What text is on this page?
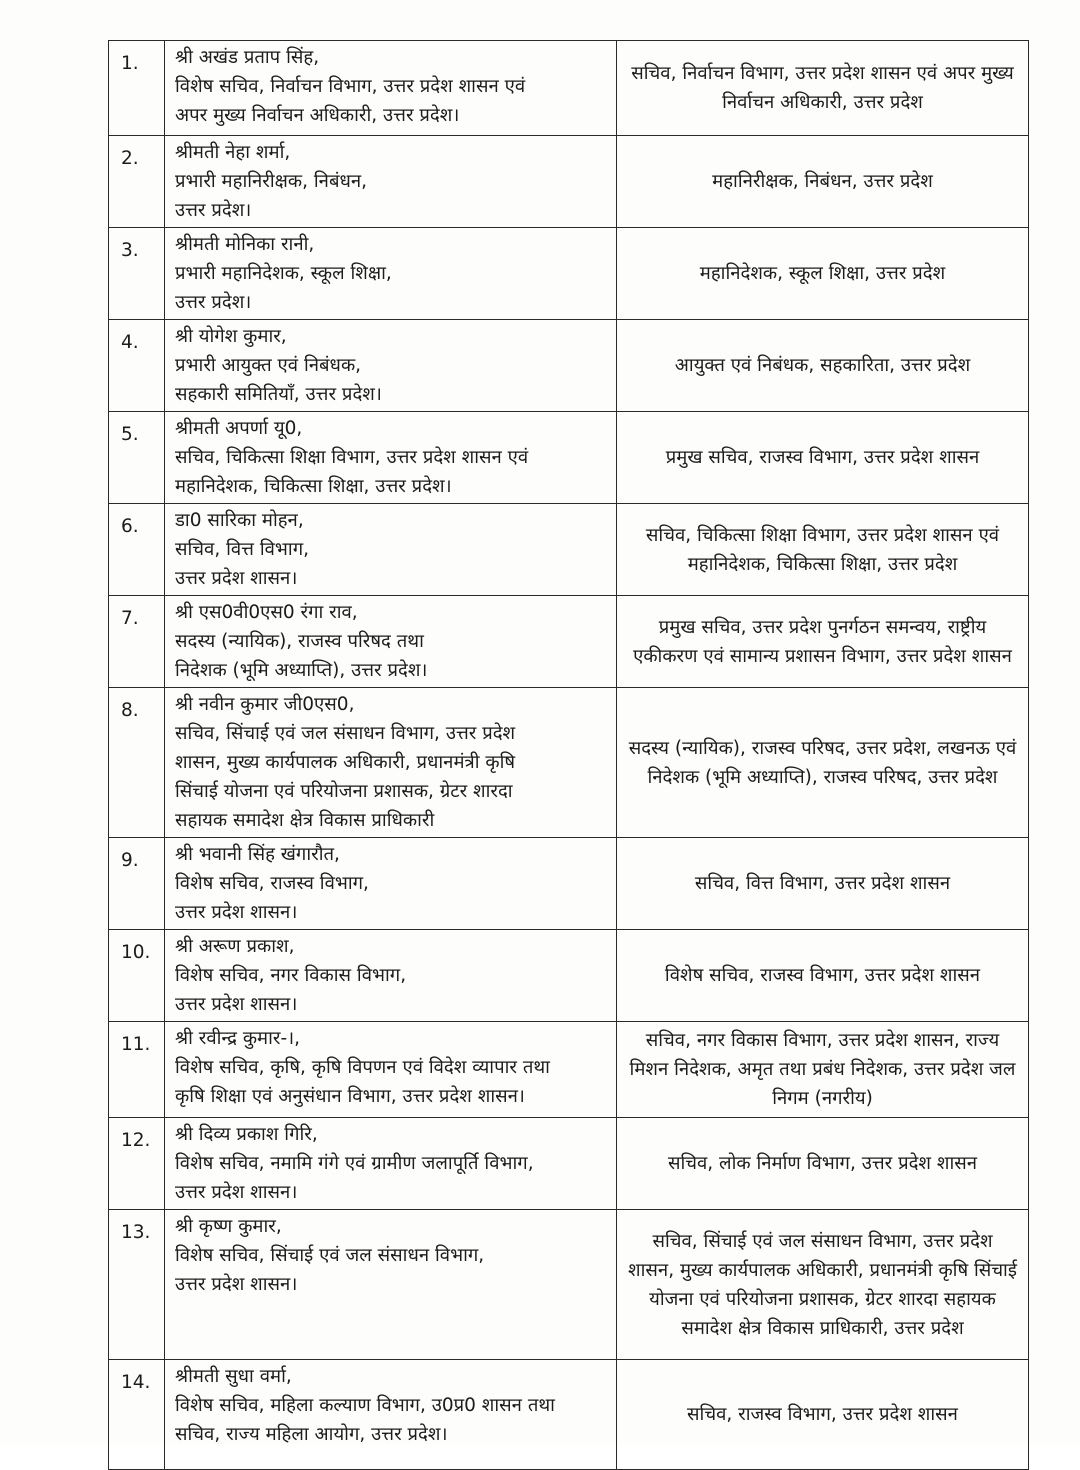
1.	श्री अखंड प्रताप सिंह,
विशेष सचिव, निर्वाचन विभाग, उत्तर प्रदेश शासन एवं
अपर मुख्य निर्वाचन अधिकारी, उत्तर प्रदेश।	सचिव, निर्वाचन विभाग, उत्तर प्रदेश शासन एवं अपर मुख्य निर्वाचन अधिकारी, उत्तर प्रदेश
2.	श्रीमती नेहा शर्मा,
प्रभारी महानिरीक्षक, निबंधन,
उत्तर प्रदेश।	महानिरीक्षक, निबंधन, उत्तर प्रदेश
3.	श्रीमती मोनिका रानी,
प्रभारी महानिदेशक, स्कूल शिक्षा,
उत्तर प्रदेश।	महानिदेशक, स्कूल शिक्षा, उत्तर प्रदेश
4.	श्री योगेश कुमार,
प्रभारी आयुक्त एवं निबंधक,
सहकारी समितियाँ, उत्तर प्रदेश।	आयुक्त एवं निबंधक, सहकारिता, उत्तर प्रदेश
5.	श्रीमती अपर्णा यू0,
सचिव, चिकित्सा शिक्षा विभाग, उत्तर प्रदेश शासन एवं
महानिदेशक, चिकित्सा शिक्षा, उत्तर प्रदेश।	प्रमुख सचिव, राजस्व विभाग, उत्तर प्रदेश शासन
6.	डा0 सारिका मोहन,
सचिव, वित्त विभाग,
उत्तर प्रदेश शासन।	सचिव, चिकित्सा शिक्षा विभाग, उत्तर प्रदेश शासन एवं महानिदेशक, चिकित्सा शिक्षा, उत्तर प्रदेश
7.	श्री एस0वी0एस0 रंगा राव,
सदस्य (न्यायिक), राजस्व परिषद तथा
निदेशक (भूमि अध्याप्ति), उत्तर प्रदेश।	प्रमुख सचिव, उत्तर प्रदेश पुनर्गठन समन्वय, राष्ट्रीय एकीकरण एवं सामान्य प्रशासन विभाग, उत्तर प्रदेश शासन
8.	श्री नवीन कुमार जी0एस0,
सचिव, सिंचाई एवं जल संसाधन विभाग, उत्तर प्रदेश
शासन, मुख्य कार्यपालक अधिकारी, प्रधानमंत्री कृषि
सिंचाई योजना एवं परियोजना प्रशासक, ग्रेटर शारदा
सहायक समादेश क्षेत्र विकास प्राधिकारी	सदस्य (न्यायिक), राजस्व परिषद, उत्तर प्रदेश, लखनऊ एवं निदेशक (भूमि अध्याप्ति), राजस्व परिषद, उत्तर प्रदेश
9.	श्री भवानी सिंह खंगारौत,
विशेष सचिव, राजस्व विभाग,
उत्तर प्रदेश शासन।	सचिव, वित्त विभाग, उत्तर प्रदेश शासन
10.	श्री अरूण प्रकाश,
विशेष सचिव, नगर विकास विभाग,
उत्तर प्रदेश शासन।	विशेष सचिव, राजस्व विभाग, उत्तर प्रदेश शासन
11.	श्री रवीन्द्र कुमार-।,
विशेष सचिव, कृषि, कृषि विपणन एवं विदेश व्यापार तथा
कृषि शिक्षा एवं अनुसंधान विभाग, उत्तर प्रदेश शासन।	सचिव, नगर विकास विभाग, उत्तर प्रदेश शासन, राज्य मिशन निदेशक, अमृत तथा प्रबंध निदेशक, उत्तर प्रदेश जल निगम (नगरीय)
12.	श्री दिव्य प्रकाश गिरि,
विशेष सचिव, नमामि गंगे एवं ग्रामीण जलापूर्ति विभाग,
उत्तर प्रदेश शासन।	सचिव, लोक निर्माण विभाग, उत्तर प्रदेश शासन
13.	श्री कृष्ण कुमार,
विशेष सचिव, सिंचाई एवं जल संसाधन विभाग,
उत्तर प्रदेश शासन।	सचिव, सिंचाई एवं जल संसाधन विभाग, उत्तर प्रदेश शासन, मुख्य कार्यपालक अधिकारी, प्रधानमंत्री कृषि सिंचाई योजना एवं परियोजना प्रशासक, ग्रेटर शारदा सहायक समादेश क्षेत्र विकास प्राधिकारी, उत्तर प्रदेश
14.	श्रीमती सुधा वर्मा,
विशेष सचिव, महिला कल्याण विभाग, उ0प्र0 शासन तथा
सचिव, राज्य महिला आयोग, उत्तर प्रदेश।	सचिव, राजस्व विभाग, उत्तर प्रदेश शासन
